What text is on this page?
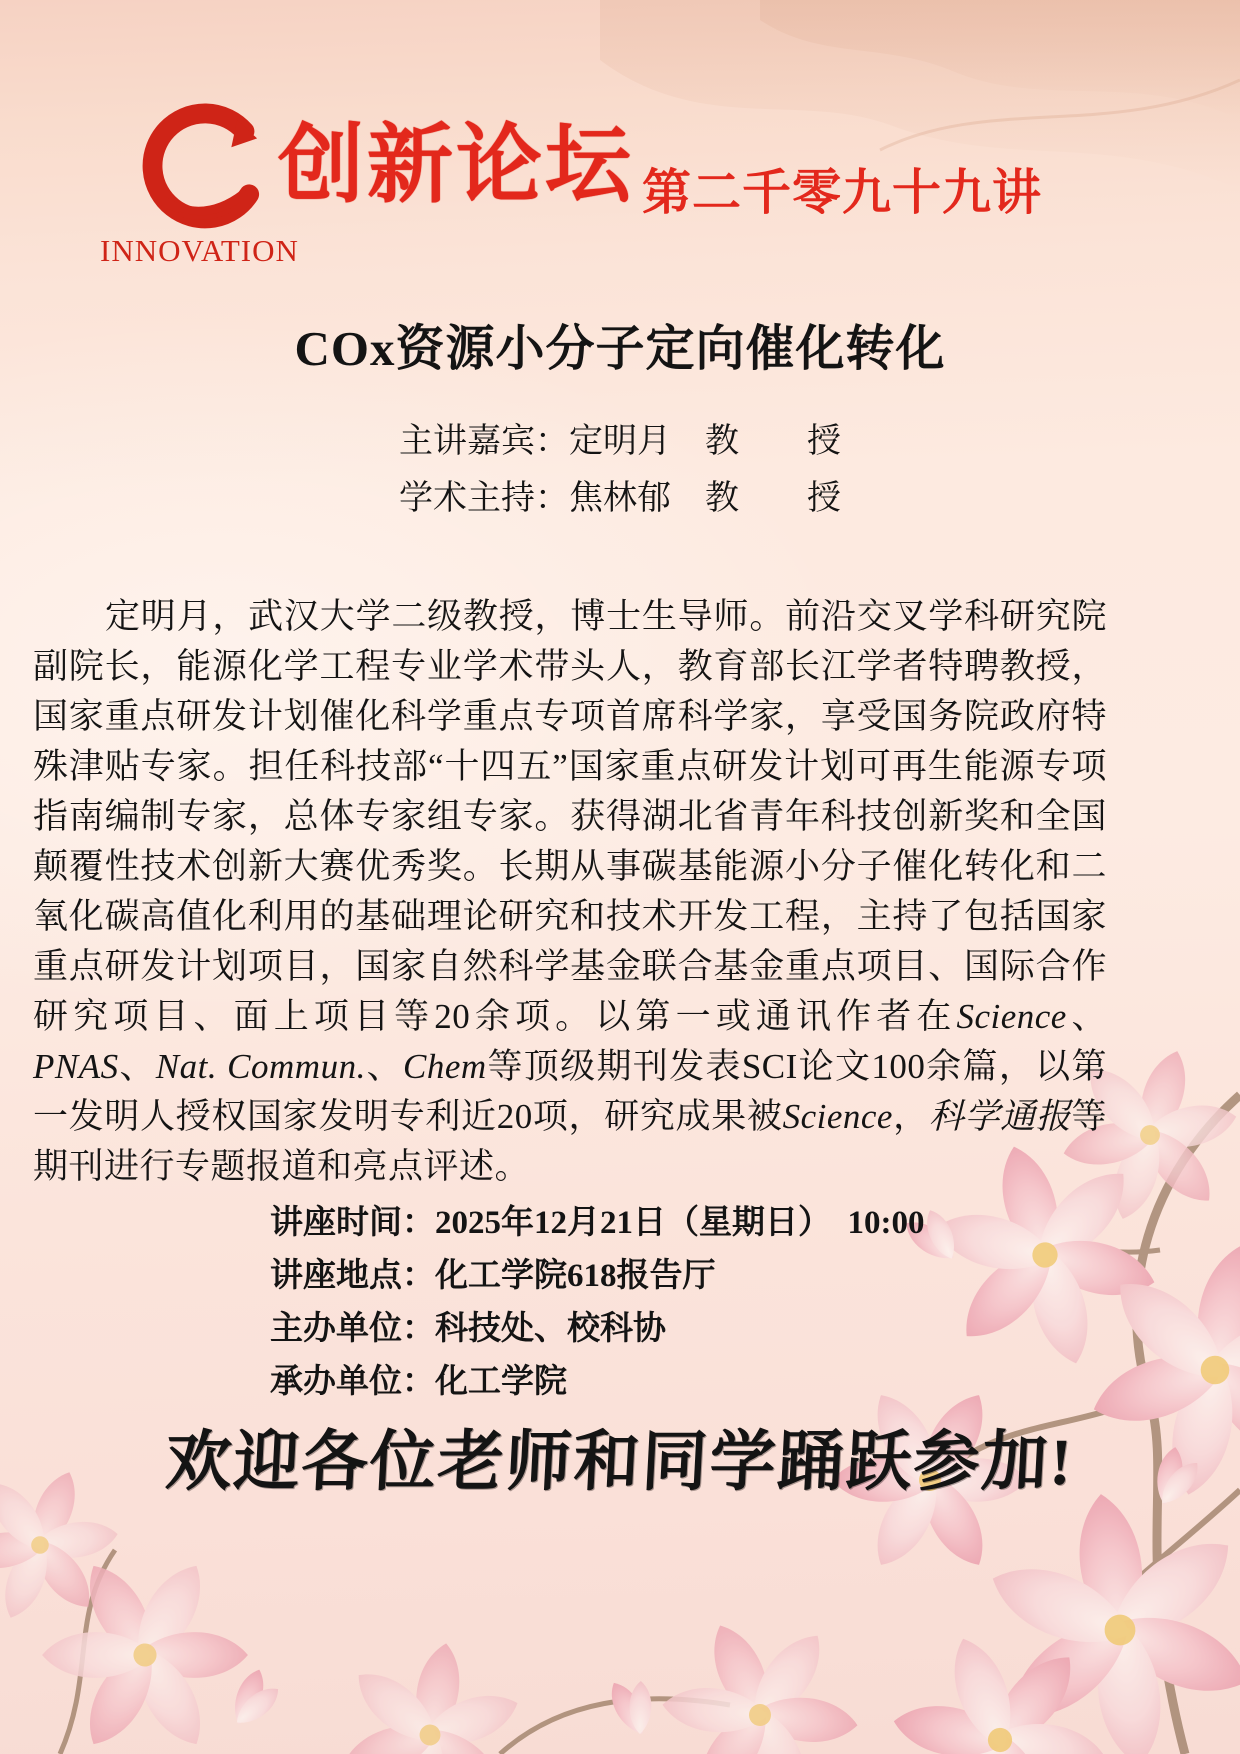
INNOVATION
创新论坛 第二千零九十九讲
COx资源小分子定向催化转化
主讲嘉宾：定明月　教　　授
学术主持：焦林郁　教　　授

定明月，武汉大学二级教授，博士生导师。前沿交叉学科研究院副院长，能源化学工程专业学术带头人，教育部长江学者特聘教授，国家重点研发计划催化科学重点专项首席科学家，享受国务院政府特殊津贴专家。担任科技部“十四五”国家重点研发计划可再生能源专项指南编制专家，总体专家组专家。获得湖北省青年科技创新奖和全国颠覆性技术创新大赛优秀奖。长期从事碳基能源小分子催化转化和二氧化碳高值化利用的基础理论研究和技术开发工程，主持了包括国家重点研发计划项目，国家自然科学基金联合基金重点项目、国际合作研究项目、面上项目等20余项。以第一或通讯作者在Science、PNAS、Nat. Commun.、Chem等顶级期刊发表SCI论文100余篇，以第一发明人授权国家发明专利近20项，研究成果被Science，科学通报等期刊进行专题报道和亮点评述。

讲座时间：2025年12月21日（星期日）　10:00
讲座地点：化工学院618报告厅
主办单位：科技处、校科协
承办单位：化工学院
欢迎各位老师和同学踊跃参加!
